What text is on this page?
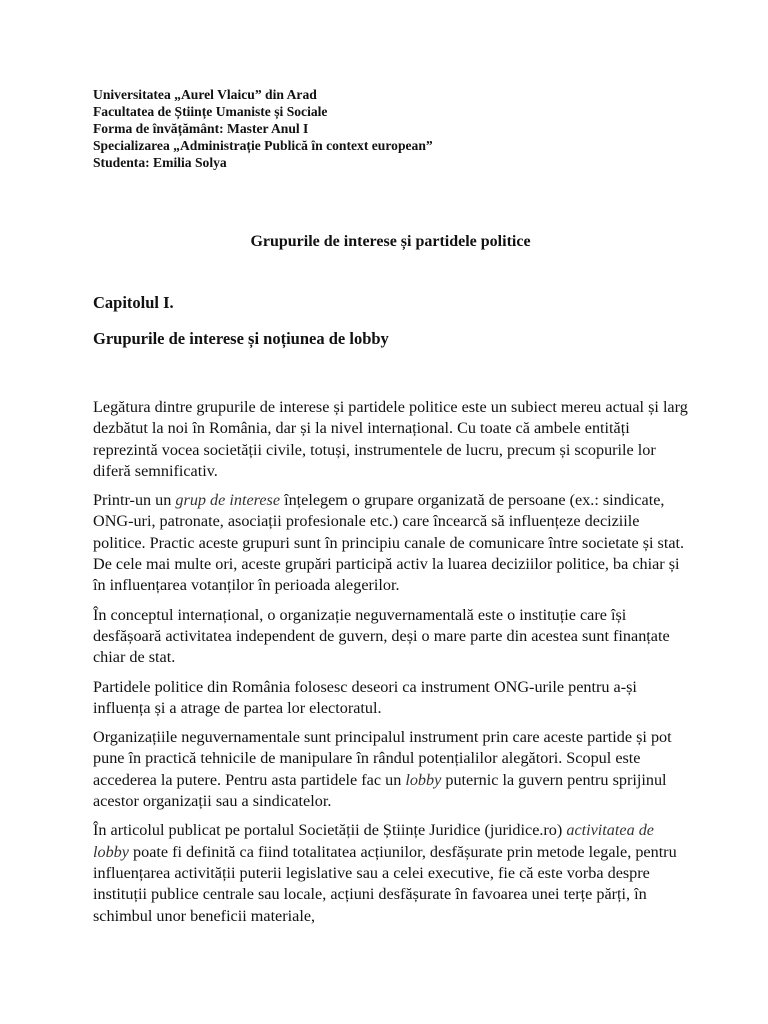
Universitatea „Aurel Vlaicu” din Arad
Facultatea de Științe Umaniste și Sociale
Forma de învățământ: Master Anul I
Specializarea „Administrație Publică în context european”
Studenta: Emilia Solya
Grupurile de interese și partidele politice
Capitolul I.
Grupurile de interese și noțiunea de lobby

Legătura dintre grupurile de interese și partidele politice este un subiect mereu actual și larg dezbătut la noi în România, dar și la nivel internațional. Cu toate că ambele entități reprezintă vocea societății civile, totuși, instrumentele de lucru, precum și scopurile lor diferă semnificativ.

Printr-un un grup de interese înțelegem o grupare organizată de persoane (ex.: sindicate, ONG-uri, patronate, asociații profesionale etc.) care încearcă să influențeze deciziile politice. Practic aceste grupuri sunt în principiu canale de comunicare între societate și stat. De cele mai multe ori, aceste grupări participă activ la luarea deciziilor politice, ba chiar și în influențarea votanților în perioada alegerilor.

În conceptul internațional, o organizație neguvernamentală este o instituție care își desfășoară activitatea independent de guvern, deși o mare parte din acestea sunt finanțate chiar de stat.

Partidele politice din România folosesc deseori ca instrument ONG-urile pentru a-și influența și a atrage de partea lor electoratul.

Organizațiile neguvernamentale sunt principalul instrument prin care aceste partide și pot pune în practică tehnicile de manipulare în rândul potențialilor alegători. Scopul este accederea la putere. Pentru asta partidele fac un lobby puternic la guvern pentru sprijinul acestor organizații sau a sindicatelor.

În articolul publicat pe portalul Societății de Științe Juridice (juridice.ro) activitatea de lobby poate fi definită ca fiind totalitatea acțiunilor, desfășurate prin metode legale, pentru influențarea activității puterii legislative sau a celei executive, fie că este vorba despre instituții publice centrale sau locale, acțiuni desfășurate în favoarea unei terțe părți, în schimbul unor beneficii materiale,
